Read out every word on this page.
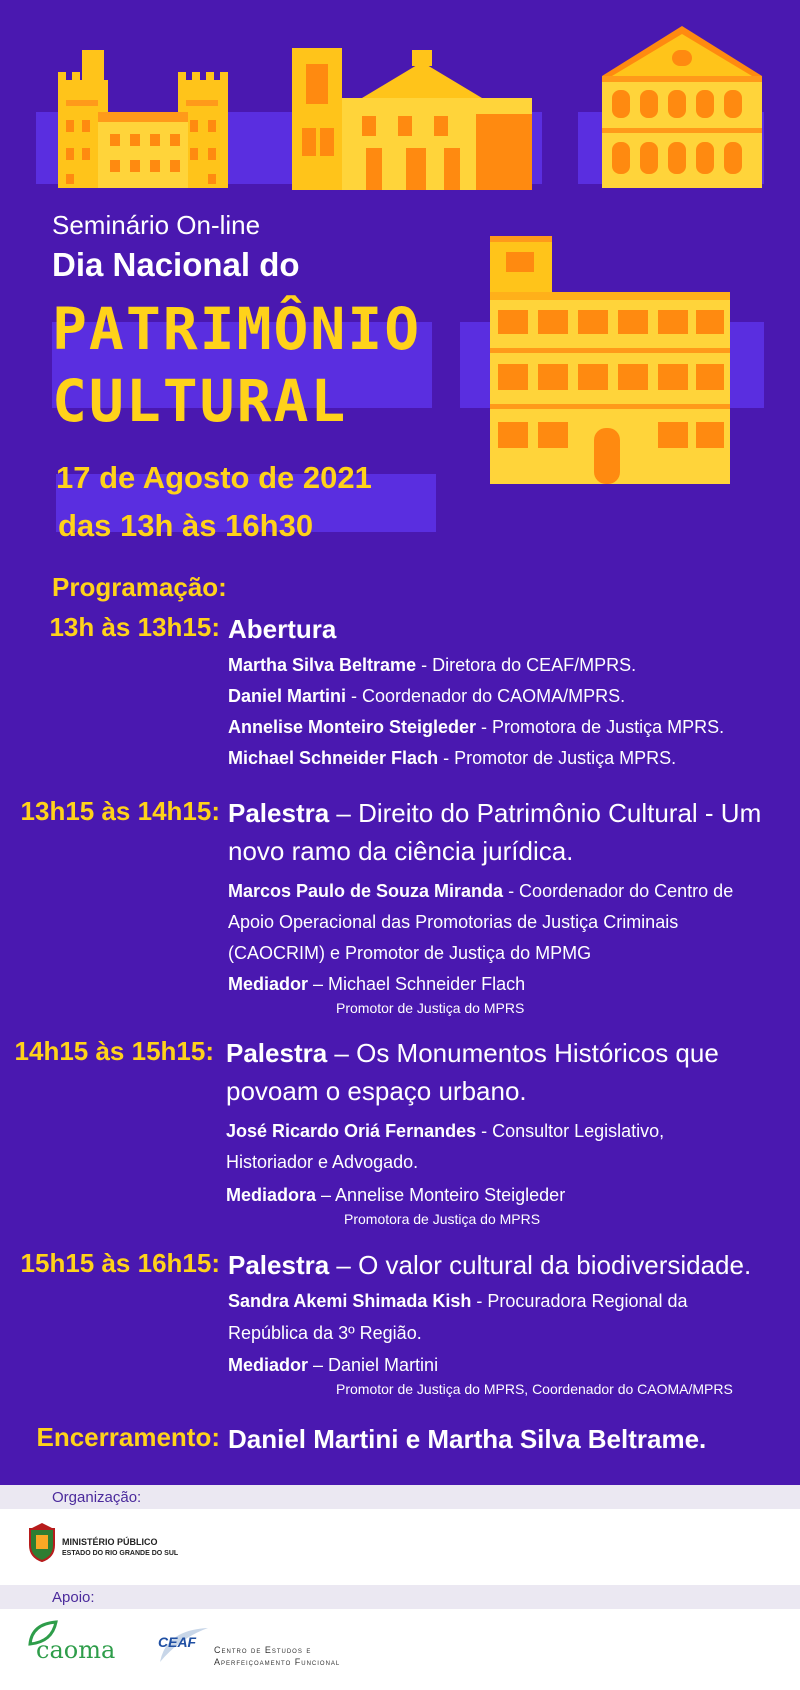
Seminário On-line

Dia Nacional do

PATRIMÔNIO

CULTURAL

17 de Agosto de 2021

das 13h às 16h30

Programação:

13h às 13h15: Abertura
Martha Silva Beltrame - Diretora do CEAF/MPRS.
Daniel Martini - Coordenador do CAOMA/MPRS.
Annelise Monteiro Steigleder - Promotora de Justiça MPRS.
Michael Schneider Flach - Promotor de Justiça MPRS.
13h15 às 14h15: Palestra – Direito do Patrimônio Cultural - Um
novo ramo da ciência jurídica.
Marcos Paulo de Souza Miranda - Coordenador do Centro de
Apoio Operacional das Promotorias de Justiça Criminais
(CAOCRIM) e Promotor de Justiça do MPMG
Mediador – Michael Schneider Flach
Promotor de Justiça do MPRS
14h15 às 15h15: Palestra – Os Monumentos Históricos que
povoam o espaço urbano.
José Ricardo Oriá Fernandes - Consultor Legislativo,
Historiador e Advogado.
Mediadora – Annelise Monteiro Steigleder
Promotora de Justiça do MPRS
15h15 às 16h15: Palestra – O valor cultural da biodiversidade.
Sandra Akemi Shimada Kish - Procuradora Regional da
República da 3º Região.
Mediador – Daniel Martini
Promotor de Justiça do MPRS, Coordenador do CAOMA/MPRS
Encerramento: Daniel Martini e Martha Silva Beltrame.
Organização:
MINISTÉRIO PÚBLICO
ESTADO DO RIO GRANDE DO SUL
Apoio:
caoma	CEAF Centro de Estudos e
Aperfeiçoamento Funcional
